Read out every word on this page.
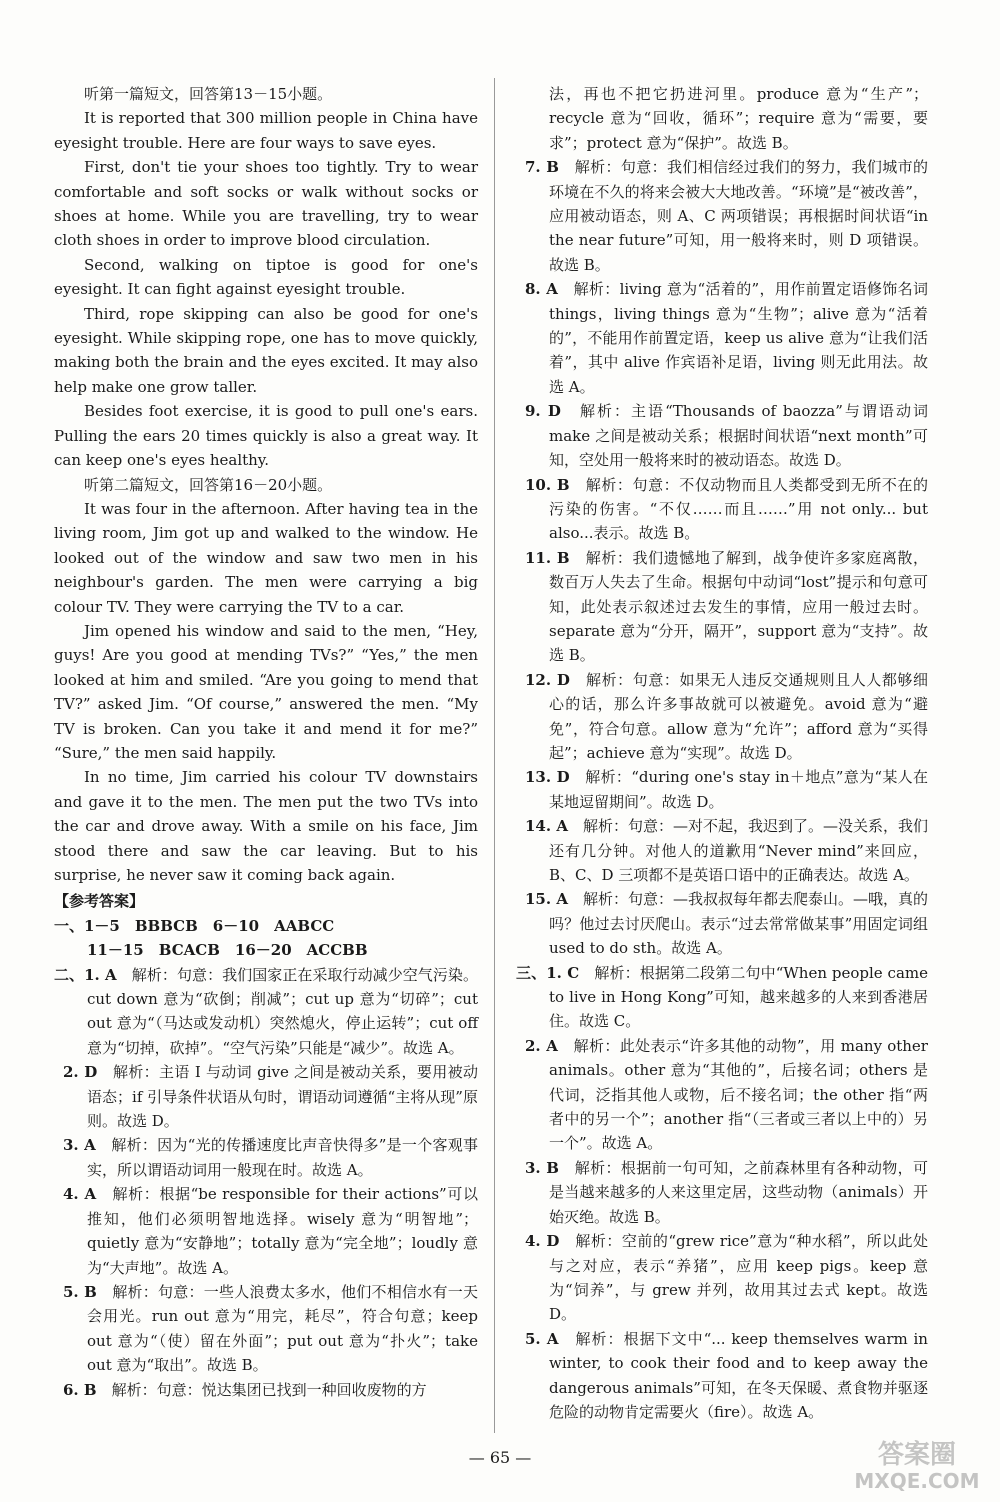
听第一篇短文，回答第13－15小题。

It is reported that 300 million people in China have eyesight trouble. Here are four ways to save eyes.

First, don't tie your shoes too tightly. Try to wear comfortable and soft socks or walk without socks or shoes at home. While you are travelling, try to wear cloth shoes in order to improve blood circulation.

Second, walking on tiptoe is good for one's eyesight. It can fight against eyesight trouble.

Third, rope skipping can also be good for one's eyesight. While skipping rope, one has to move quickly, making both the brain and the eyes excited. It may also help make one grow taller.

Besides foot exercise, it is good to pull one's ears. Pulling the ears 20 times quickly is also a great way. It can keep one's eyes healthy.

听第二篇短文，回答第16－20小题。

It was four in the afternoon. After having tea in the living room, Jim got up and walked to the window. He looked out of the window and saw two men in his neighbour's garden. The men were carrying a big colour TV. They were carrying the TV to a car.

Jim opened his window and said to the men, “Hey, guys! Are you good at mending TVs?” “Yes,” the men looked at him and smiled. “Are you going to mend that TV?” asked Jim. “Of course,” answered the men. “My TV is broken. Can you take it and mend it for me?” “Sure,” the men said happily.

In no time, Jim carried his colour TV downstairs and gave it to the men. The men put the two TVs into the car and drove away. With a smile on his face, Jim stood there and saw the car leaving. But to his surprise, he never saw it coming back again.

【参考答案】

一、1－5　BBBCB　6－10　AABCC

11－15　BCACB　16－20　ACCBB

二、1. A　 解析：句意：我们国家正在采取行动减少空气污染。cut down 意为“砍倒；削减”；cut up 意为“切碎”；cut out 意为“（马达或发动机）突然熄火，停止运转”；cut off 意为“切掉，砍掉”。“空气污染”只能是“减少”。故选 A。

2. D　 解析：主语 I 与动词 give 之间是被动关系，要用被动语态；if 引导条件状语从句时，谓语动词遵循“主将从现”原则。故选 D。

3. A　 解析：因为“光的传播速度比声音快得多”是一个客观事实，所以谓语动词用一般现在时。故选 A。

4. A　 解析：根据“be responsible for their actions”可以推知，他们必须明智地选择。wisely 意为“明智地”；quietly 意为“安静地”；totally 意为“完全地”；loudly 意为“大声地”。故选 A。

5. B　 解析：句意：一些人浪费太多水，他们不相信水有一天会用光。run out 意为“用完，耗尽”，符合句意；keep out 意为“（使）留在外面”；put out 意为“扑火”；take out 意为“取出”。故选 B。

6. B　 解析：句意：悦达集团已找到一种回收废物的方

法，再也不把它扔进河里。produce 意为“生产”；recycle 意为“回收，循环”；require 意为“需要，要求”；protect 意为“保护”。故选 B。

7. B　 解析：句意：我们相信经过我们的努力，我们城市的环境在不久的将来会被大大地改善。“环境”是“被改善”，应用被动语态，则 A、C 两项错误；再根据时间状语“in the near future”可知，用一般将来时，则 D 项错误。故选 B。

8. A　 解析：living 意为“活着的”，用作前置定语修饰名词 things，living things 意为“生物”；alive 意为“活着的”，不能用作前置定语，keep us alive 意为“让我们活着”，其中 alive 作宾语补足语，living 则无此用法。故选 A。

9. D　 解析：主语“Thousands of baozza”与谓语动词 make 之间是被动关系；根据时间状语“next month”可知，空处用一般将来时的被动语态。故选 D。

10. B　 解析：句意：不仅动物而且人类都受到无所不在的污染的伤害。“不仅……而且……”用 not only... but also...表示。故选 B。

11. B　 解析：我们遗憾地了解到，战争使许多家庭离散，数百万人失去了生命。根据句中动词“lost”提示和句意可知，此处表示叙述过去发生的事情，应用一般过去时。separate 意为“分开，隔开”，support 意为“支持”。故选 B。

12. D　 解析：句意：如果无人违反交通规则且人人都够细心的话，那么许多事故就可以被避免。avoid 意为“避免”，符合句意。allow 意为“允许”；afford 意为“买得起”；achieve 意为“实现”。故选 D。

13. D　 解析：“during one's stay in＋地点”意为“某人在某地逗留期间”。故选 D。

14. A　 解析：句意：—对不起，我迟到了。—没关系，我们还有几分钟。对他人的道歉用“Never mind”来回应，B、C、D 三项都不是英语口语中的正确表达。故选 A。

15. A　 解析：句意：—我叔叔每年都去爬泰山。—哦，真的吗？他过去讨厌爬山。表示“过去常常做某事”用固定词组 used to do sth。故选 A。

三、1. C　 解析：根据第二段第二句中“When people came to live in Hong Kong”可知，越来越多的人来到香港居住。故选 C。

2. A　 解析：此处表示“许多其他的动物”，用 many other animals。other 意为“其他的”，后接名词；others 是代词，泛指其他人或物，后不接名词；the other 指“两者中的另一个”；another 指“（三者或三者以上中的）另一个”。故选 A。

3. B　 解析：根据前一句可知，之前森林里有各种动物，可是当越来越多的人来这里定居，这些动物（animals）开始灭绝。故选 B。

4. D　 解析：空前的“grew rice”意为“种水稻”，所以此处与之对应，表示“养猪”，应用 keep pigs。keep 意为“饲养”，与 grew 并列，故用其过去式 kept。故选 D。

5. A　 解析：根据下文中“... keep themselves warm in winter, to cook their food and to keep away the dangerous animals”可知，在冬天保暖、煮食物并驱逐危险的动物肯定需要火（fire）。故选 A。

— 65 —	答案圈
MXQE.COM
